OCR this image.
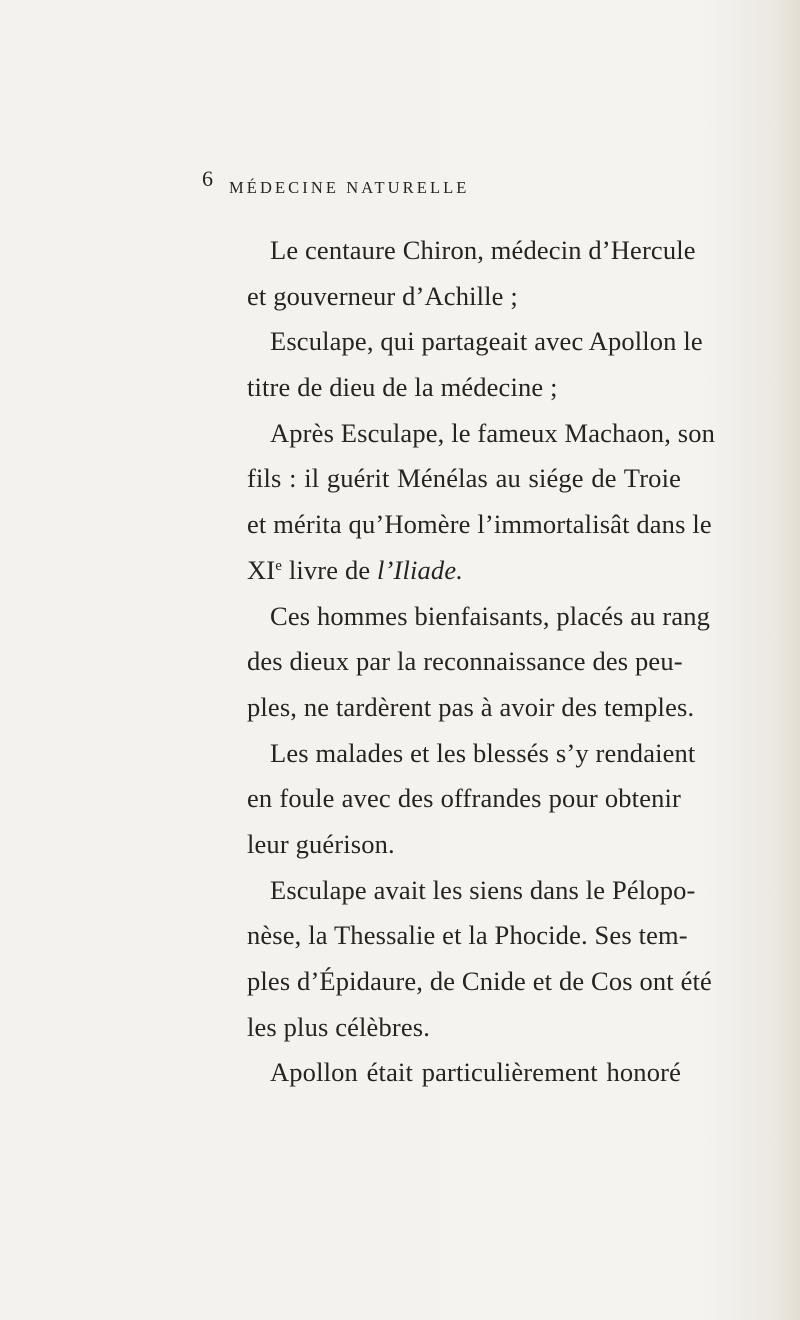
6 MÉDECINE NATURELLE
Le centaure Chiron, médecin d’Hercule
et gouverneur d’Achille ;
Esculape, qui partageait avec Apollon le
titre de dieu de la médecine ;
Après Esculape, le fameux Machaon, son
fils : il guérit Ménélas au siége de Troie
et mérita qu’Homère l’immortalisât dans le
XIe livre de l’Iliade.
Ces hommes bienfaisants, placés au rang
des dieux par la reconnaissance des peu-
ples, ne tardèrent pas à avoir des temples.
Les malades et les blessés s’y rendaient
en foule avec des offrandes pour obtenir
leur guérison.
Esculape avait les siens dans le Pélopo-
nèse, la Thessalie et la Phocide. Ses tem-
ples d’Épidaure, de Cnide et de Cos ont été
les plus célèbres.
Apollon était particulièrement honoré
